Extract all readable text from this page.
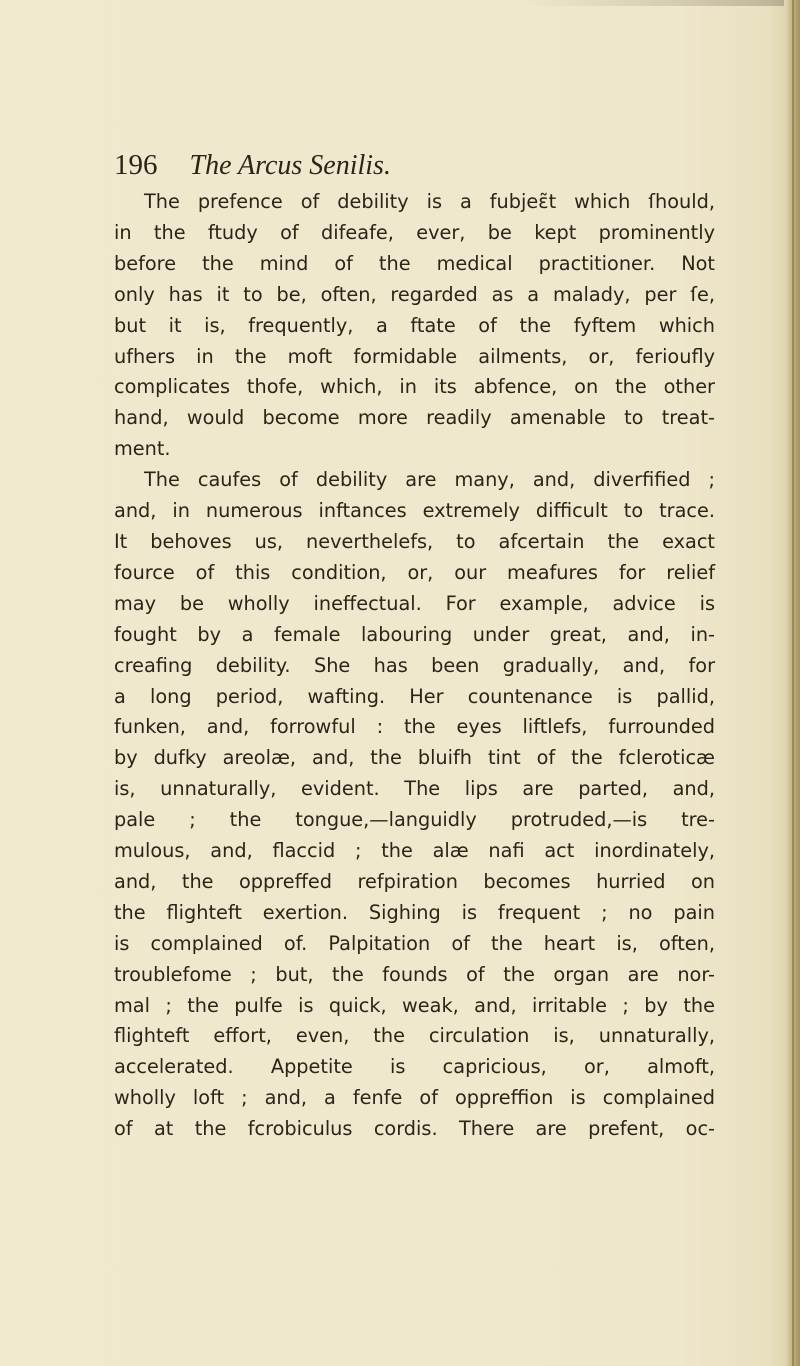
196 The Arcus Senilis.
The prefence of debility is a fubjeɛ̃t which ſhould,
in the ftudy of difeafe, ever, be kept prominently
before the mind of the medical practitioner. Not
only has it to be, often, regarded as a malady, per ſe,
but it is, frequently, a ftate of the fyftem which
ufhers in the moft formidable ailments, or, ferioufly
complicates thofe, which, in its abfence, on the other
hand, would become more readily amenable to treat-
ment.
The caufes of debility are many, and, diverfified ;
and, in numerous inftances extremely difficult to trace.
It behoves us, neverthelefs, to afcertain the exact
fource of this condition, or, our meafures for relief
may be wholly ineffectual. For example, advice is
fought by a female labouring under great, and, in-
creafing debility. She has been gradually, and, for
a long period, wafting. Her countenance is pallid,
funken, and, forrowful : the eyes liftlefs, furrounded
by dufky areolæ, and, the bluifh tint of the fcleroticæ
is, unnaturally, evident. The lips are parted, and,
pale ; the tongue,—languidly protruded,—is tre-
mulous, and, flaccid ; the alæ nafi act inordinately,
and, the oppreffed refpiration becomes hurried on
the flighteft exertion. Sighing is frequent ; no pain
is complained of. Palpitation of the heart is, often,
troublefome ; but, the founds of the organ are nor-
mal ; the pulfe is quick, weak, and, irritable ; by the
flighteft effort, even, the circulation is, unnaturally,
accelerated. Appetite is capricious, or, almoft,
wholly loft ; and, a fenfe of oppreffion is complained
of at the fcrobiculus cordis. There are prefent, oc-
